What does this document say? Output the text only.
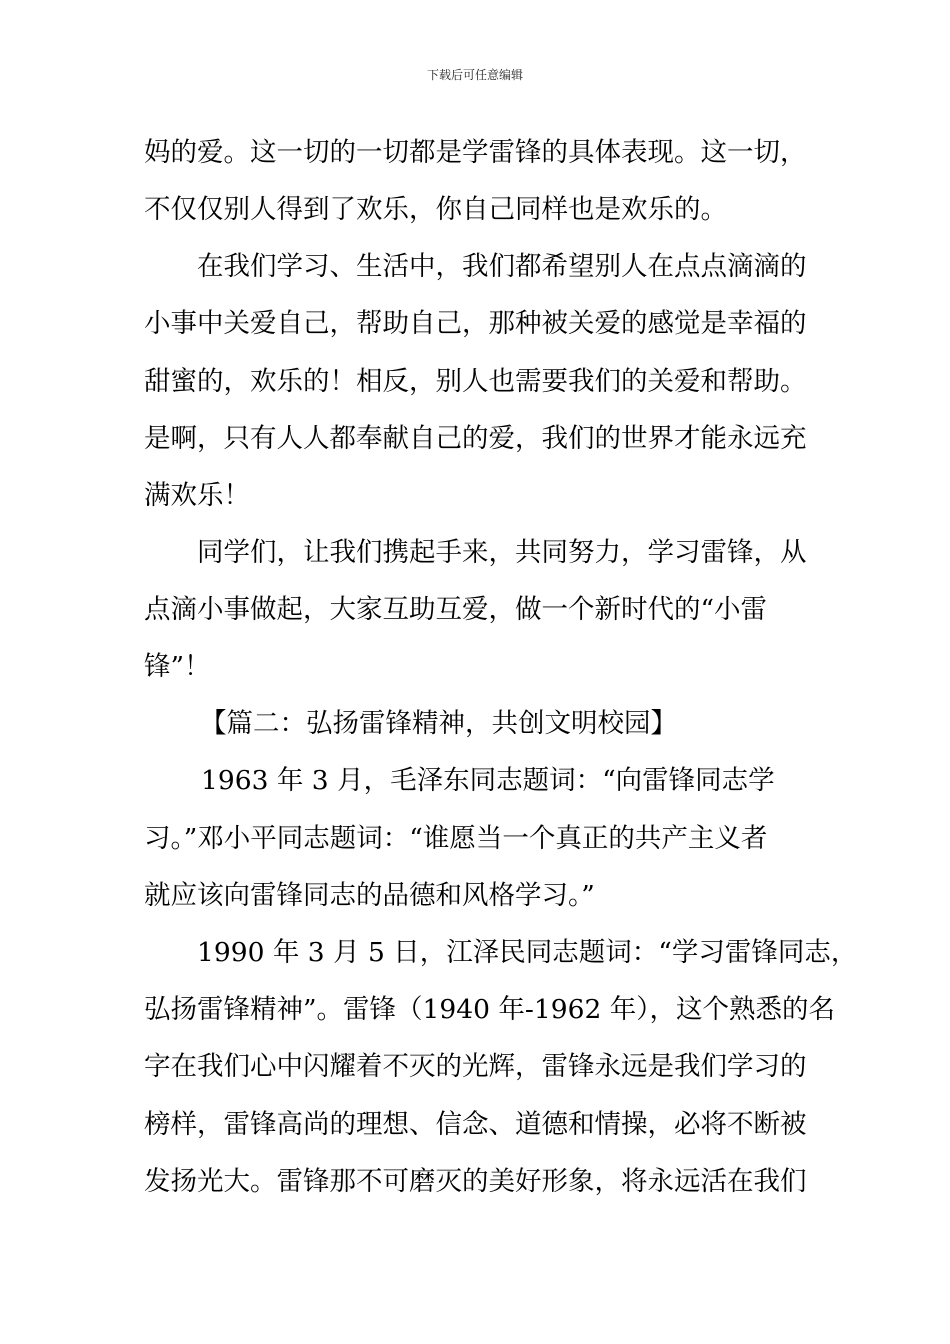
下载后可任意编辑
妈的爱。这一切的一切都是学雷锋的具体表现。这一切，
不仅仅别人得到了欢乐，你自己同样也是欢乐的。
在我们学习、生活中，我们都希望别人在点点滴滴的
小事中关爱自己，帮助自己，那种被关爱的感觉是幸福的
甜蜜的，欢乐的！相反，别人也需要我们的关爱和帮助。
是啊，只有人人都奉献自己的爱，我们的世界才能永远充
满欢乐！
同学们，让我们携起手来，共同努力，学习雷锋，从
点滴小事做起，大家互助互爱，做一个新时代的“小雷
锋”！
【篇二：弘扬雷锋精神，共创文明校园】
1963 年 3 月，毛泽东同志题词：“向雷锋同志学
习。”邓小平同志题词：“谁愿当一个真正的共产主义者
就应该向雷锋同志的品德和风格学习。”
1990 年 3 月 5 日，江泽民同志题词：“学习雷锋同志，
弘扬雷锋精神”。雷锋（1940 年-1962 年），这个熟悉的名
字在我们心中闪耀着不灭的光辉，雷锋永远是我们学习的
榜样，雷锋高尚的理想、信念、道德和情操，必将不断被
发扬光大。雷锋那不可磨灭的美好形象，将永远活在我们
